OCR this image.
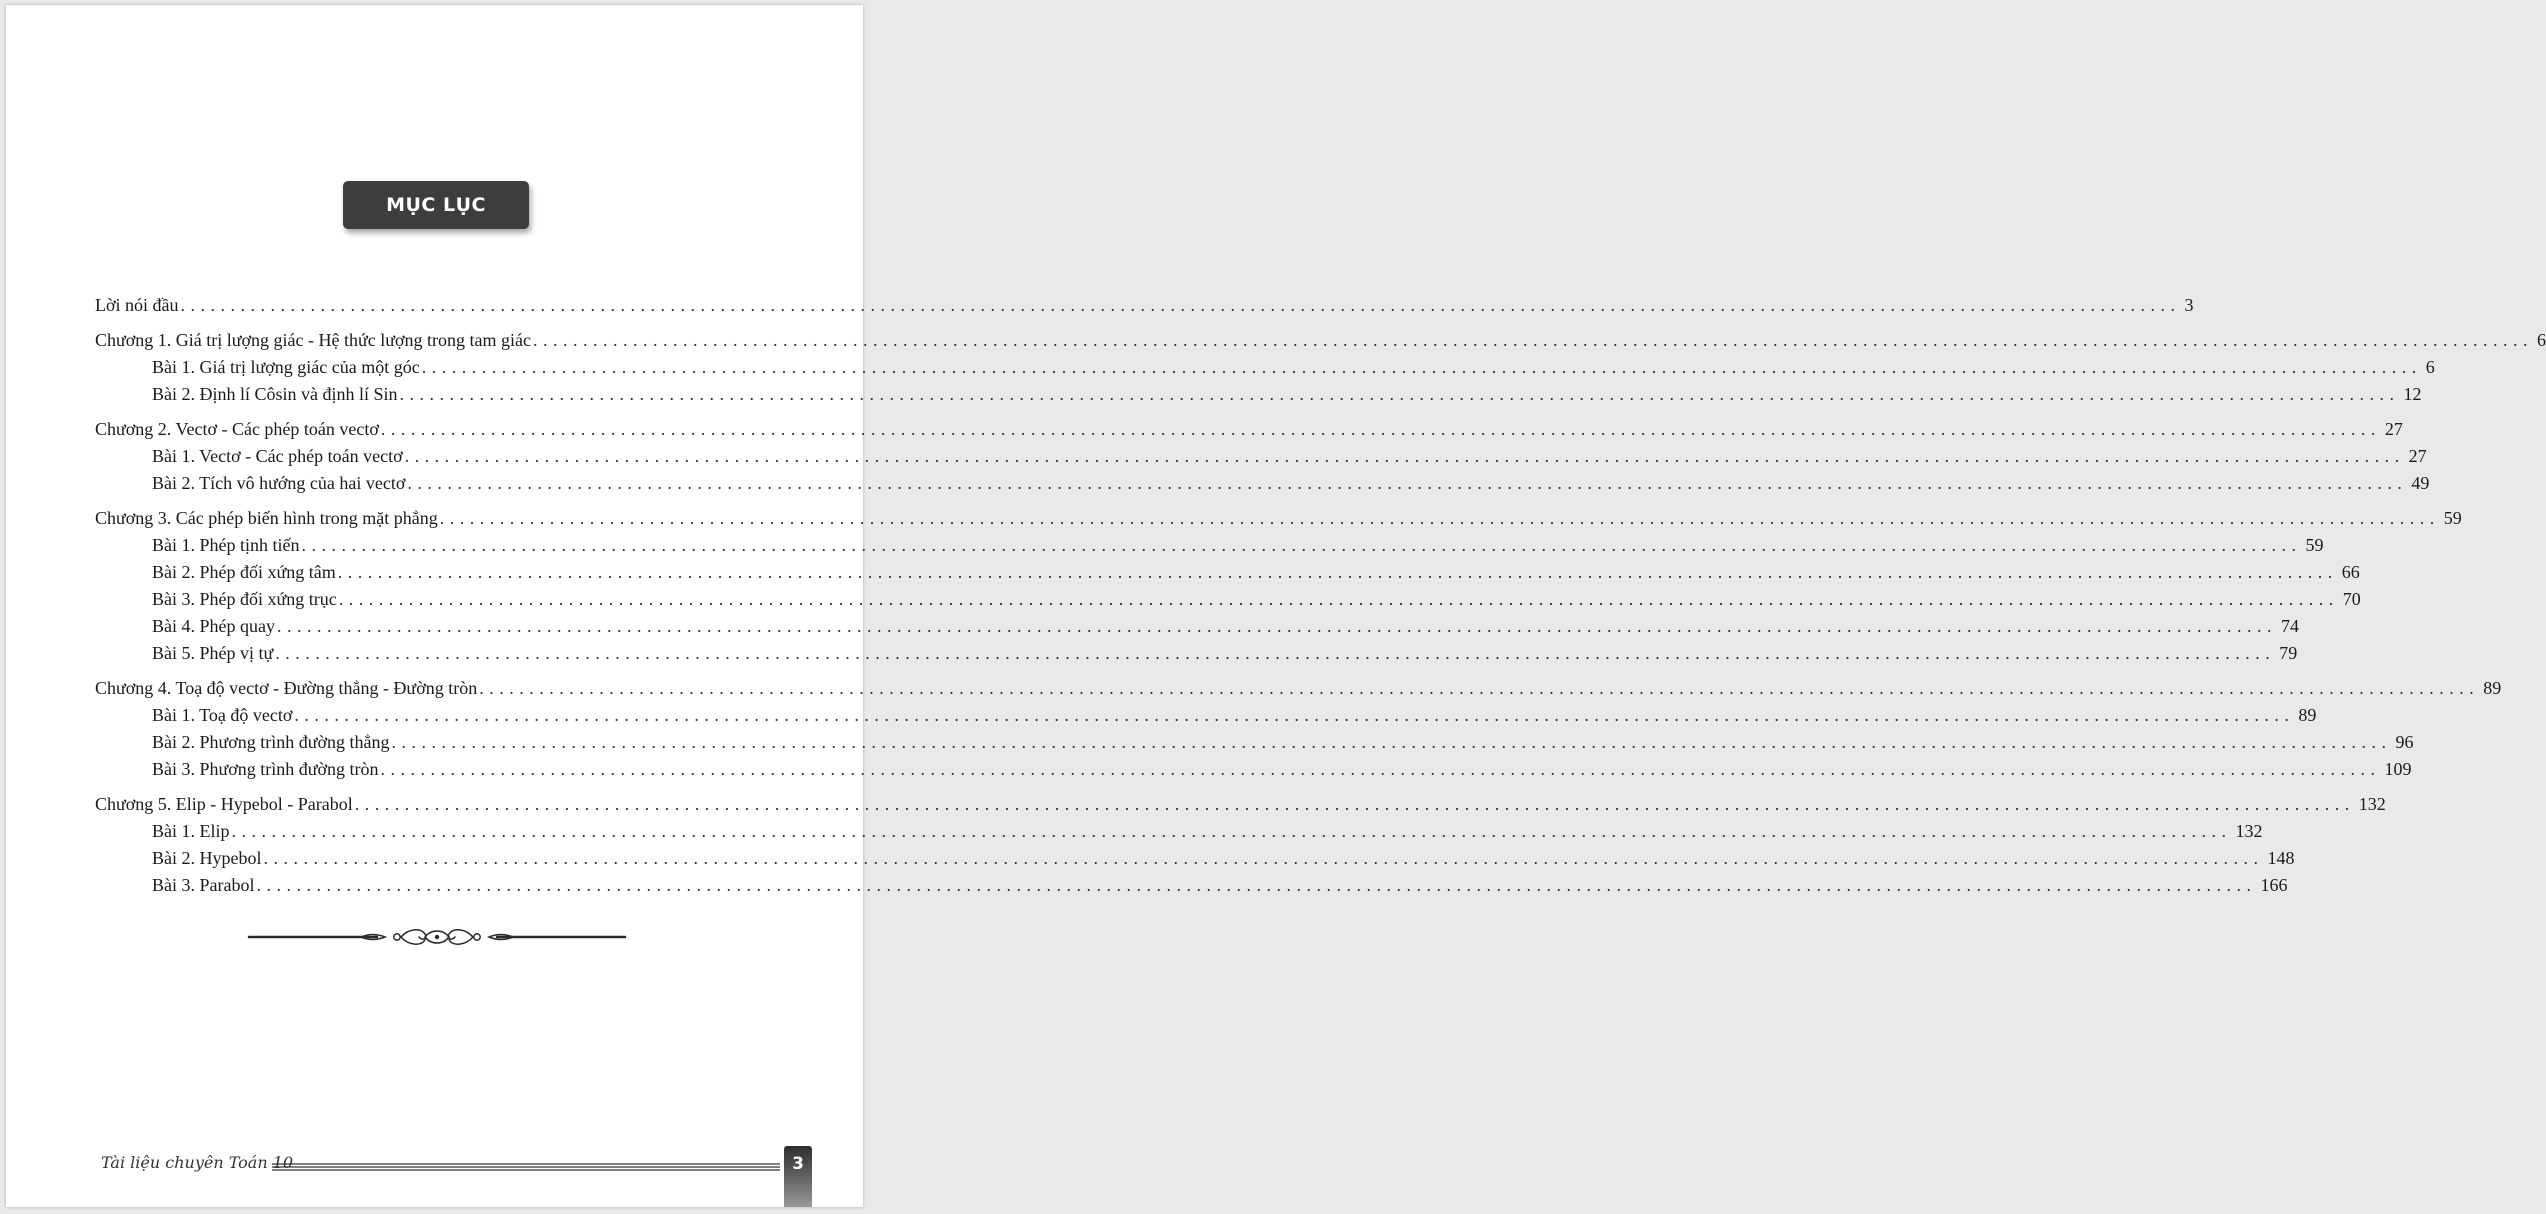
MỤC LỤC
Lời nói đầu ........................................................................................................................................................................................................ 3
Chương 1. Giá trị lượng giác - Hệ thức lượng trong tam giác ........................................................................................................................................................................................................ 6
Bài 1. Giá trị lượng giác của một góc ........................................................................................................................................................................................................ 6
Bài 2. Định lí Côsin và định lí Sin ........................................................................................................................................................................................................ 12
Chương 2. Vectơ - Các phép toán vectơ ........................................................................................................................................................................................................ 27
Bài 1. Vectơ - Các phép toán vectơ ........................................................................................................................................................................................................ 27
Bài 2. Tích vô hướng của hai vectơ ........................................................................................................................................................................................................ 49
Chương 3. Các phép biến hình trong mặt phẳng ........................................................................................................................................................................................................ 59
Bài 1. Phép tịnh tiến ........................................................................................................................................................................................................ 59
Bài 2. Phép đối xứng tâm ........................................................................................................................................................................................................ 66
Bài 3. Phép đối xứng trục ........................................................................................................................................................................................................ 70
Bài 4. Phép quay ........................................................................................................................................................................................................ 74
Bài 5. Phép vị tự ........................................................................................................................................................................................................ 79
Chương 4. Toạ độ vectơ - Đường thẳng - Đường tròn ........................................................................................................................................................................................................ 89
Bài 1. Toạ độ vectơ ........................................................................................................................................................................................................ 89
Bài 2. Phương trình đường thẳng ........................................................................................................................................................................................................ 96
Bài 3. Phương trình đường tròn ........................................................................................................................................................................................................ 109
Chương 5. Elip - Hypebol - Parabol ........................................................................................................................................................................................................ 132
Bài 1. Elip ........................................................................................................................................................................................................ 132
Bài 2. Hypebol ........................................................................................................................................................................................................ 148
Bài 3. Parabol ........................................................................................................................................................................................................ 166
Tài liệu chuyên Toán 10	3
